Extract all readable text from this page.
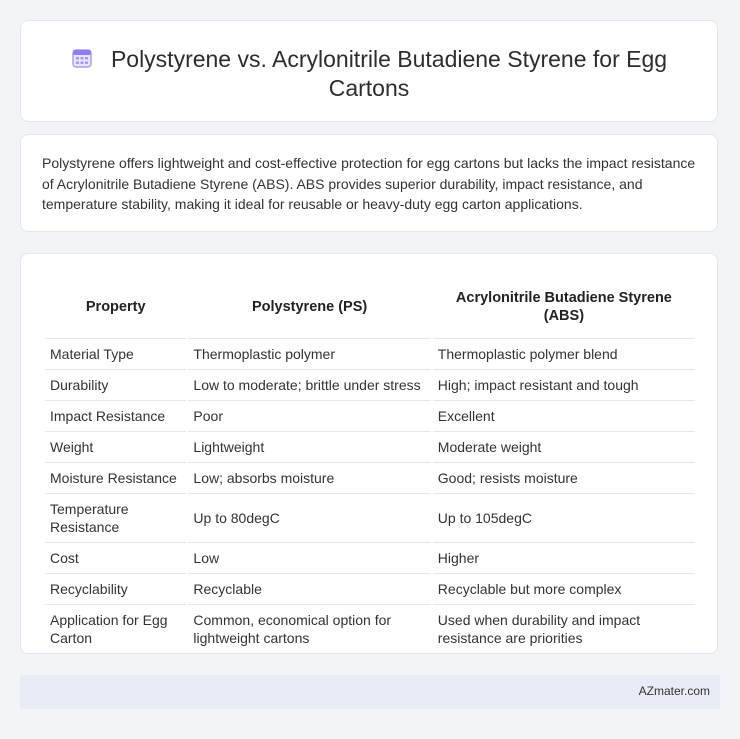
Polystyrene vs. Acrylonitrile Butadiene Styrene for Egg Cartons
Polystyrene offers lightweight and cost-effective protection for egg cartons but lacks the impact resistance of Acrylonitrile Butadiene Styrene (ABS). ABS provides superior durability, impact resistance, and temperature stability, making it ideal for reusable or heavy-duty egg carton applications.
Property	Polystyrene (PS)	Acrylonitrile Butadiene Styrene (ABS)
Material Type	Thermoplastic polymer	Thermoplastic polymer blend
Durability	Low to moderate; brittle under stress	High; impact resistant and tough
Impact Resistance	Poor	Excellent
Weight	Lightweight	Moderate weight
Moisture Resistance	Low; absorbs moisture	Good; resists moisture
Temperature Resistance	Up to 80degC	Up to 105degC
Cost	Low	Higher
Recyclability	Recyclable	Recyclable but more complex
Application for Egg Carton	Common, economical option for lightweight cartons	Used when durability and impact resistance are priorities
AZmater.com
